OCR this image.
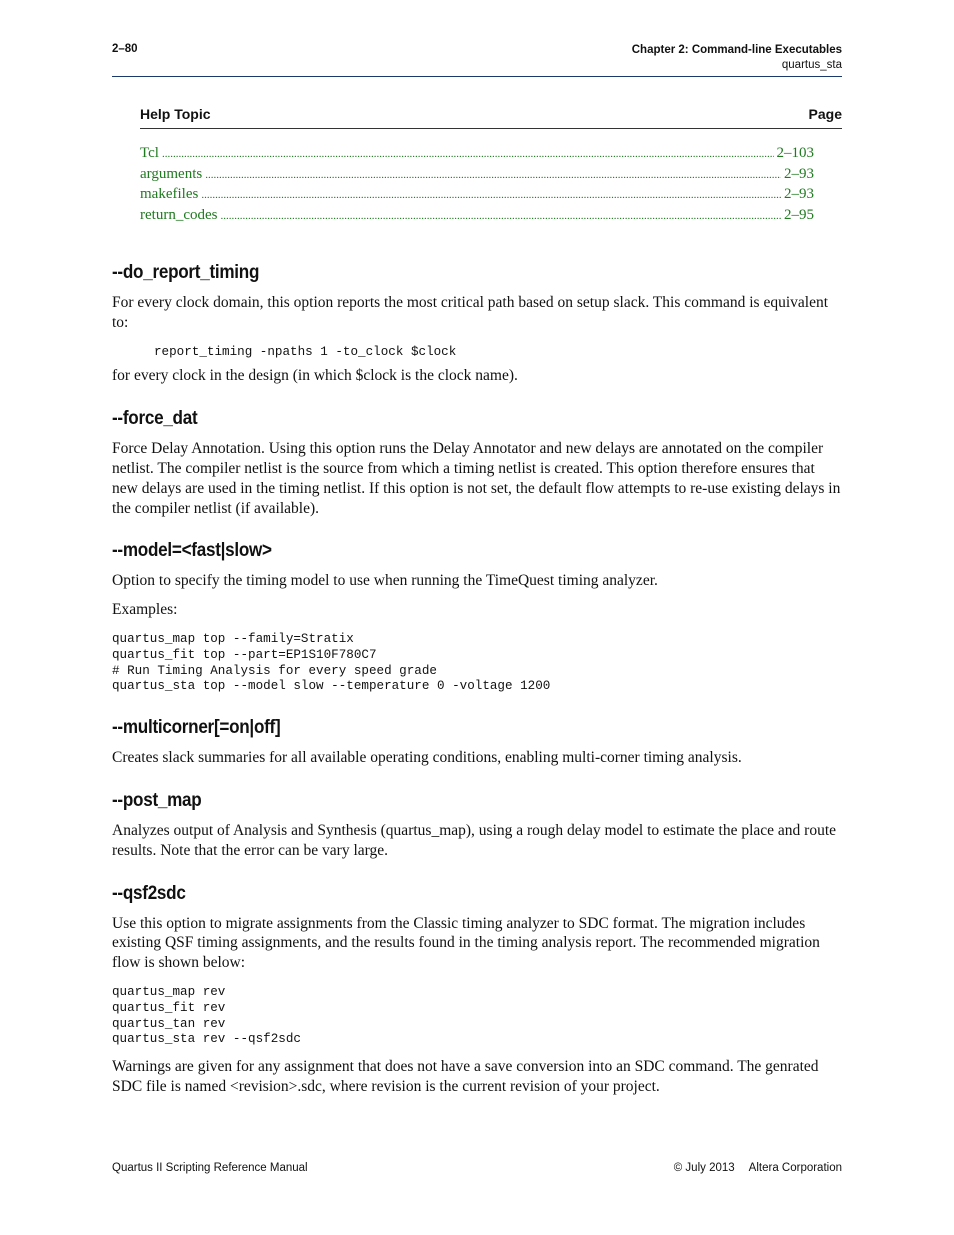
2–80	Chapter 2: Command-line Executables
quartus_sta
Help Topic	Page
Tcl .....	2–103
arguments .....	2–93
makefiles .....	2–93
return_codes .....	2–95
--do_report_timing

For every clock domain, this option reports the most critical path based on setup slack. This command is equivalent to:

report_timing -npaths 1 -to_clock $clock

for every clock in the design (in which $clock is the clock name).

--force_dat

Force Delay Annotation. Using this option runs the Delay Annotator and new delays are annotated on the compiler netlist. The compiler netlist is the source from which a timing netlist is created. This option therefore ensures that new delays are used in the timing netlist. If this option is not set, the default flow attempts to re-use existing delays in the compiler netlist (if available).

--model=<fast|slow>

Option to specify the timing model to use when running the TimeQuest timing analyzer.

Examples:

quartus_map top --family=Stratix
quartus_fit top --part=EP1S10F780C7
# Run Timing Analysis for every speed grade
quartus_sta top --model slow --temperature 0 -voltage 1200
--multicorner[=on|off]

Creates slack summaries for all available operating conditions, enabling multi-corner timing analysis.

--post_map

Analyzes output of Analysis and Synthesis (quartus_map), using a rough delay model to estimate the place and route results. Note that the error can be vary large.

--qsf2sdc

Use this option to migrate assignments from the Classic timing analyzer to SDC format. The migration includes existing QSF timing assignments, and the results found in the timing analysis report. The recommended migration flow is shown below:

quartus_map rev
quartus_fit rev
quartus_tan rev
quartus_sta rev --qsf2sdc

Warnings are given for any assignment that does not have a save conversion into an SDC command. The genrated SDC file is named <revision>.sdc, where revision is the current revision of your project.

Quartus II Scripting Reference Manual	© July 2013 Altera Corporation
